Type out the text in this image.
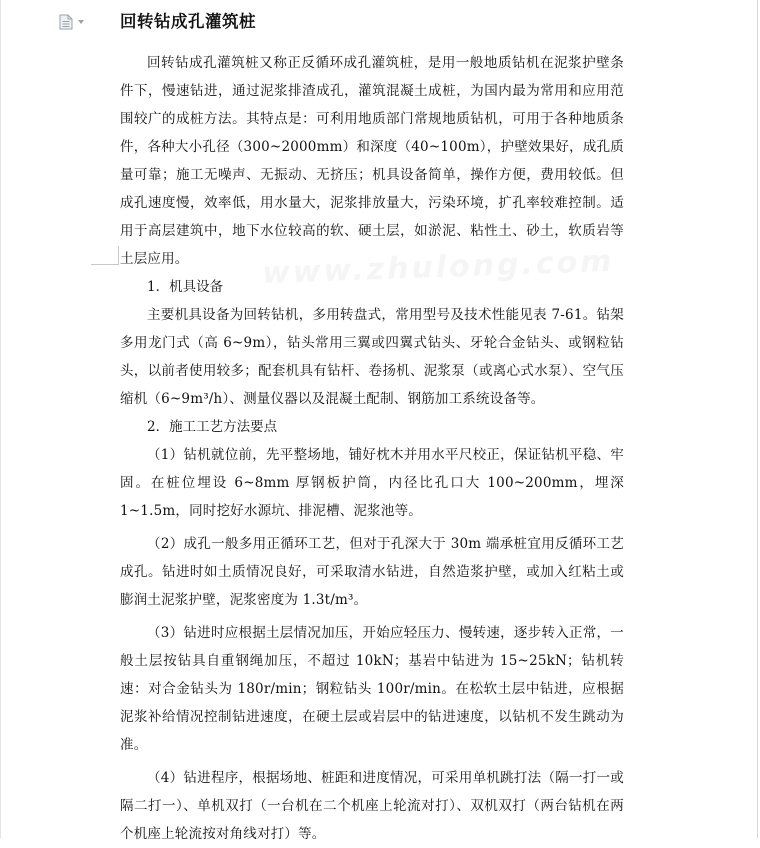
www.zhulong.com
回转钻成孔灌筑桩

回转钻成孔灌筑桩又称正反循环成孔灌筑桩，是用一般地质钻机在泥浆护壁条件下，慢速钻进，通过泥浆排渣成孔，灌筑混凝土成桩，为国内最为常用和应用范围较广的成桩方法。其特点是：可利用地质部门常规地质钻机，可用于各种地质条件，各种大小孔径（300~2000mm）和深度（40~100m），护壁效果好，成孔质量可靠；施工无噪声、无振动、无挤压；机具设备简单，操作方便，费用较低。但成孔速度慢，效率低，用水量大，泥浆排放量大，污染环境，扩孔率较难控制。适用于高层建筑中，地下水位较高的软、硬土层，如淤泥、粘性土、砂土，软质岩等土层应用。

1．机具设备

主要机具设备为回转钻机，多用转盘式，常用型号及技术性能见表 7-61。钻架多用龙门式（高 6~9m），钻头常用三翼或四翼式钻头、牙轮合金钻头、或钢粒钻头，以前者使用较多；配套机具有钻杆、卷扬机、泥浆泵（或离心式水泵）、空气压缩机（6~9m³/h）、测量仪器以及混凝土配制、钢筋加工系统设备等。

2．施工工艺方法要点

（1）钻机就位前，先平整场地，铺好枕木并用水平尺校正，保证钻机平稳、牢固。在桩位埋设 6~8mm 厚钢板护筒，内径比孔口大 100~200mm，埋深 1~1.5m，同时挖好水源坑、排泥槽、泥浆池等。

（2）成孔一般多用正循环工艺，但对于孔深大于 30m 端承桩宜用反循环工艺成孔。钻进时如土质情况良好，可采取清水钻进，自然造浆护壁，或加入红粘土或膨润土泥浆护壁，泥浆密度为 1.3t/m³。

（3）钻进时应根据土层情况加压，开始应轻压力、慢转速，逐步转入正常，一般土层按钻具自重钢绳加压，不超过 10kN；基岩中钻进为 15~25kN；钻机转速：对合金钻头为 180r/min；钢粒钻头 100r/min。在松软土层中钻进，应根据泥浆补给情况控制钻进速度，在硬土层或岩层中的钻进速度，以钻机不发生跳动为准。

（4）钻进程序，根据场地、桩距和进度情况，可采用单机跳打法（隔一打一或隔二打一）、单机双打（一台机在二个机座上轮流对打）、双机双打（两台钻机在两个机座上轮流按对角线对打）等。
